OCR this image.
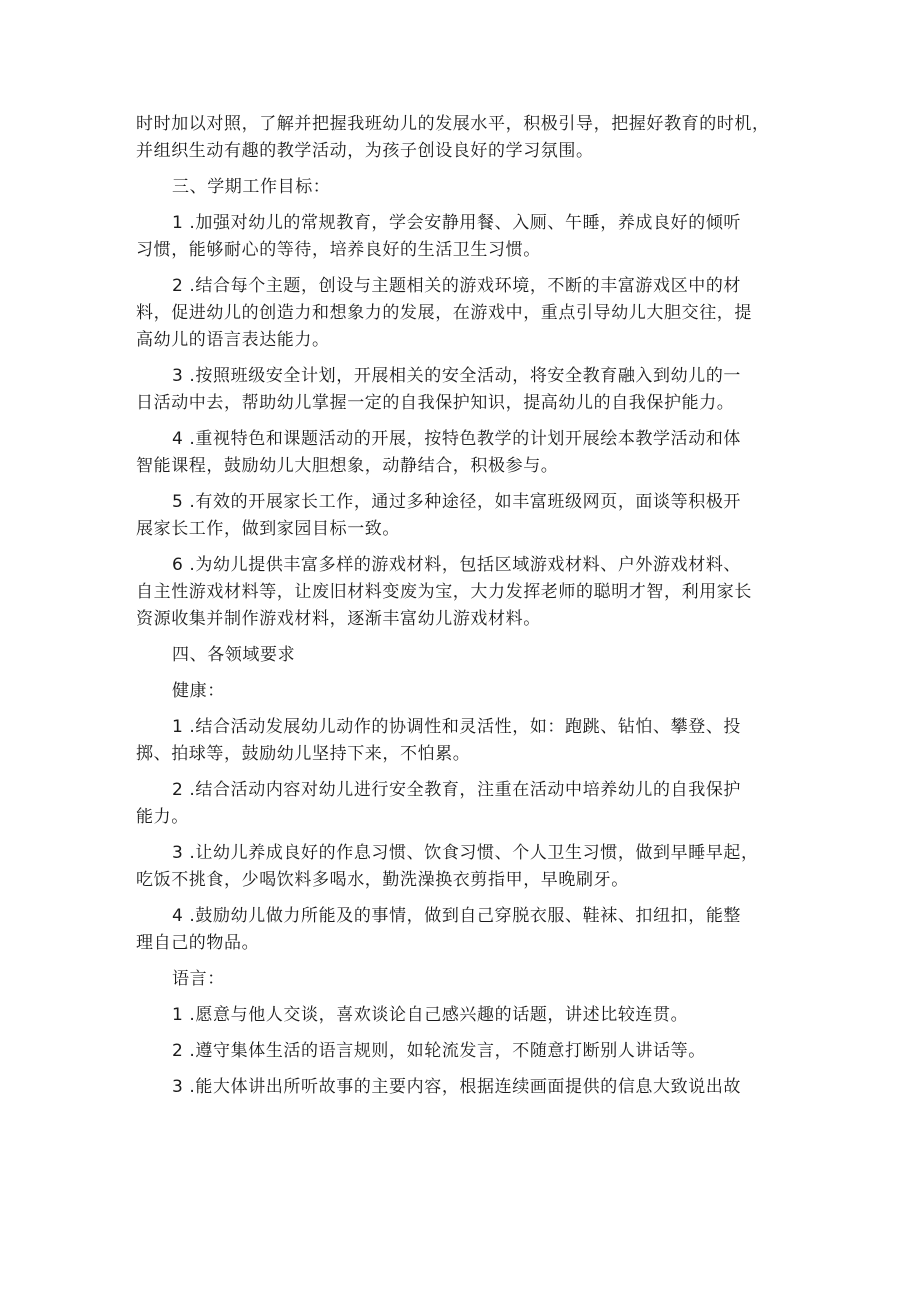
时时加以对照，了解并把握我班幼儿的发展水平，积极引导，把握好教育的时机，
并组织生动有趣的教学活动，为孩子创设良好的学习氛围。
三、学期工作目标：
1 .加强对幼儿的常规教育，学会安静用餐、入厕、午睡，养成良好的倾听
习惯，能够耐心的等待，培养良好的生活卫生习惯。
2 .结合每个主题，创设与主题相关的游戏环境，不断的丰富游戏区中的材
料，促进幼儿的创造力和想象力的发展，在游戏中，重点引导幼儿大胆交往，提
高幼儿的语言表达能力。
3 .按照班级安全计划，开展相关的安全活动，将安全教育融入到幼儿的一
日活动中去，帮助幼儿掌握一定的自我保护知识，提高幼儿的自我保护能力。
4 .重视特色和课题活动的开展，按特色教学的计划开展绘本教学活动和体
智能课程，鼓励幼儿大胆想象，动静结合，积极参与。
5 .有效的开展家长工作，通过多种途径，如丰富班级网页，面谈等积极开
展家长工作，做到家园目标一致。
6 .为幼儿提供丰富多样的游戏材料，包括区域游戏材料、户外游戏材料、
自主性游戏材料等，让废旧材料变废为宝，大力发挥老师的聪明才智，利用家长
资源收集并制作游戏材料，逐渐丰富幼儿游戏材料。
四、各领域要求
健康：
1 .结合活动发展幼儿动作的协调性和灵活性，如：跑跳、钻怕、攀登、投
掷、拍球等，鼓励幼儿坚持下来，不怕累。
2 .结合活动内容对幼儿进行安全教育，注重在活动中培养幼儿的自我保护
能力。
3 .让幼儿养成良好的作息习惯、饮食习惯、个人卫生习惯，做到早睡早起，
吃饭不挑食，少喝饮料多喝水，勤洗澡换衣剪指甲，早晚刷牙。
4 .鼓励幼儿做力所能及的事情，做到自己穿脱衣服、鞋袜、扣纽扣，能整
理自己的物品。
语言：
1 .愿意与他人交谈，喜欢谈论自己感兴趣的话题，讲述比较连贯。
2 .遵守集体生活的语言规则，如轮流发言，不随意打断别人讲话等。
3 .能大体讲出所听故事的主要内容，根据连续画面提供的信息大致说出故
